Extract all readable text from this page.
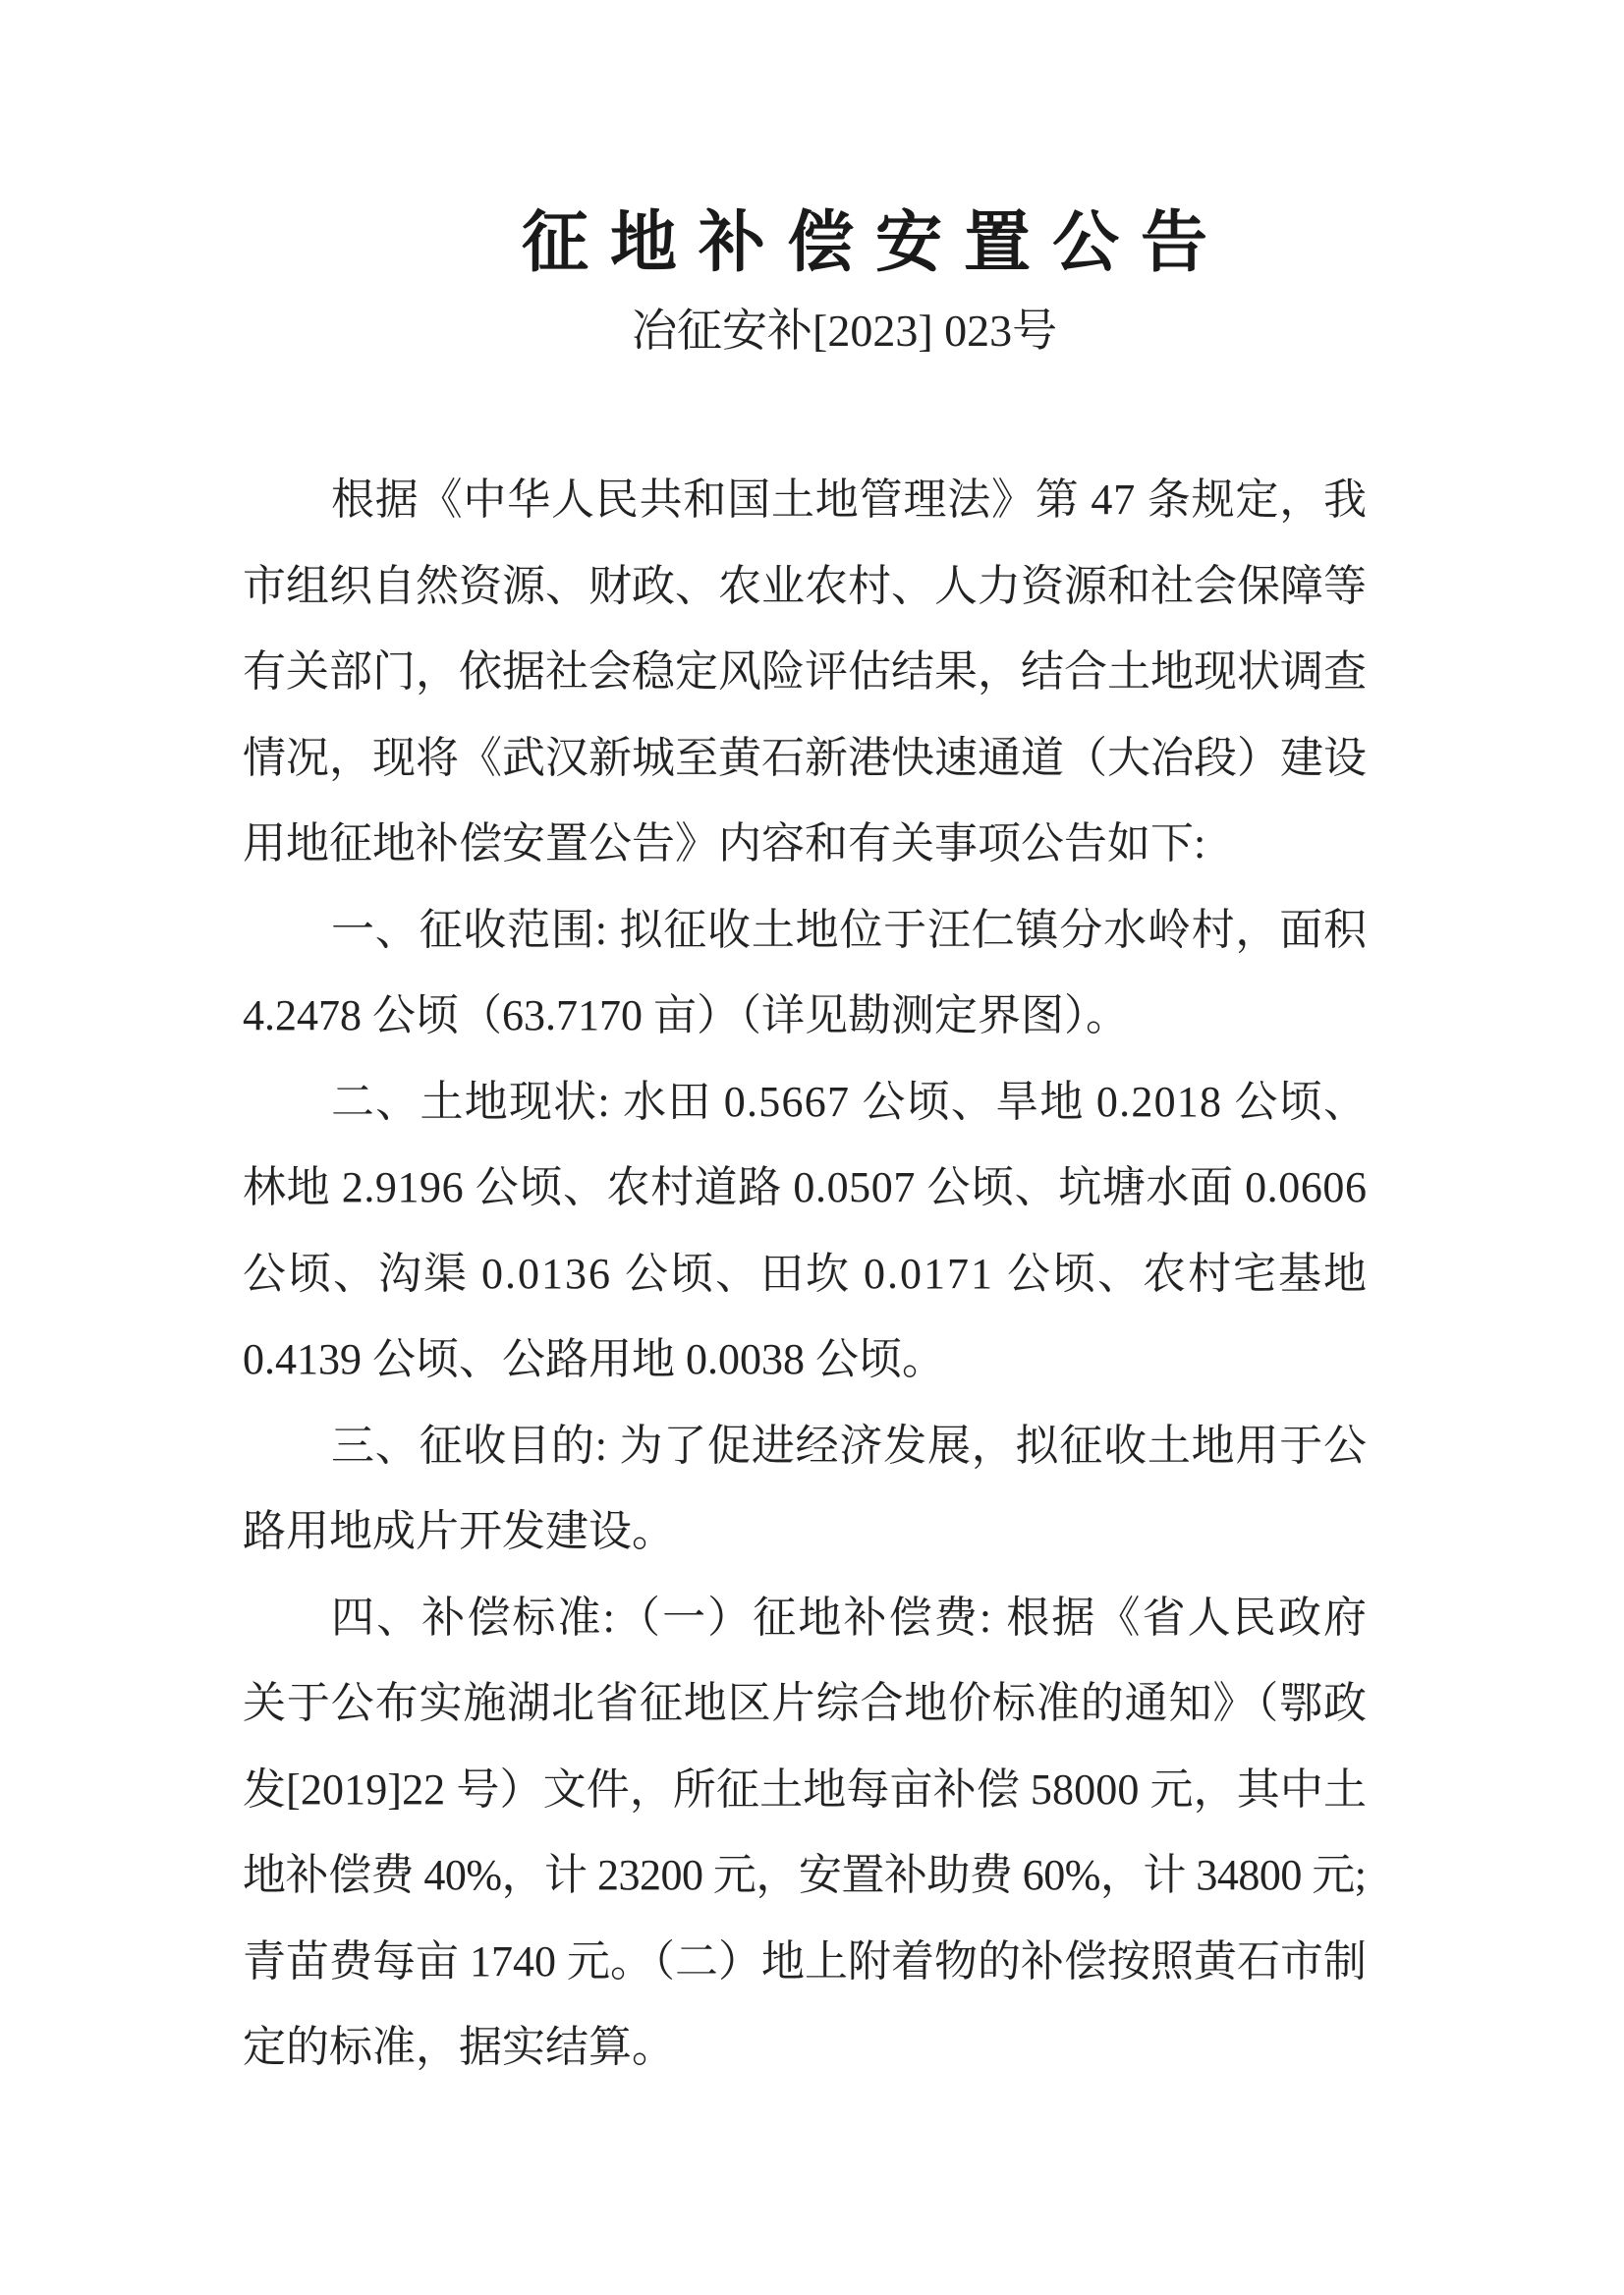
征地补偿安置公告
冶征安补[2023] 023号
根据《中华人民共和国土地管理法》第 47 条规定，我
市组织自然资源、财政、农业农村、人力资源和社会保障等
有关部门，依据社会稳定风险评估结果，结合土地现状调查
情况，现将《武汉新城至黄石新港快速通道（大冶段）建设
用地征地补偿安置公告》内容和有关事项公告如下:
一、征收范围: 拟征收土地位于汪仁镇分水岭村，面积
4.2478 公顷（63.7170 亩）（详见勘测定界图）。
二、土地现状: 水田 0.5667 公顷、旱地 0.2018 公顷、
林地 2.9196 公顷、农村道路 0.0507 公顷、坑塘水面 0.0606
公顷、沟渠 0.0136 公顷、田坎 0.0171 公顷、农村宅基地
0.4139 公顷、公路用地 0.0038 公顷。
三、征收目的: 为了促进经济发展，拟征收土地用于公
路用地成片开发建设。
四、补偿标准:（一）征地补偿费: 根据《省人民政府
关于公布实施湖北省征地区片综合地价标准的通知》（鄂政
发[2019]22 号）文件，所征土地每亩补偿 58000 元，其中土
地补偿费 40%，计 23200 元，安置补助费 60%，计 34800 元;
青苗费每亩 1740 元。（二）地上附着物的补偿按照黄石市制
定的标准，据实结算。
